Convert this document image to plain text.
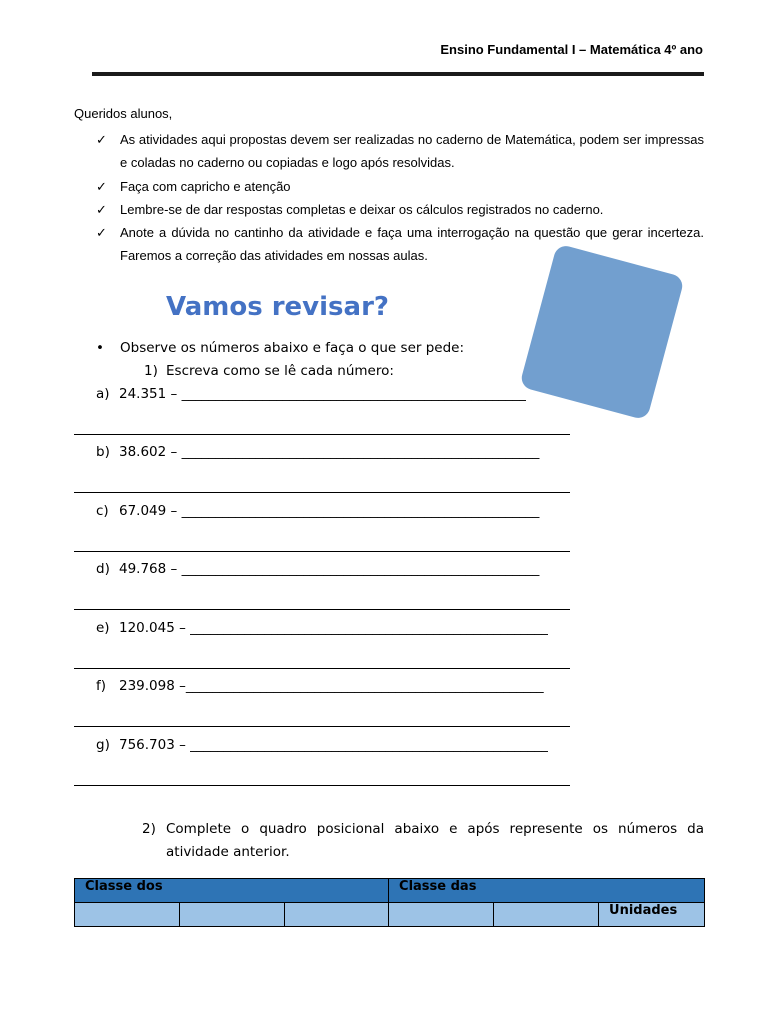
Ensino Fundamental I – Matemática 4º ano
Queridos alunos,
✓	As atividades aqui propostas devem ser realizadas no caderno de Matemática, podem ser impressas e coladas no caderno ou copiadas e logo após resolvidas.
✓	Faça com capricho e atenção
✓	Lembre-se de dar respostas completas e deixar os cálculos registrados no caderno.
✓	Anote a dúvida no cantinho da atividade e faça uma interrogação na questão que gerar incerteza. Faremos a correção das atividades em nossas aulas.
Vamos revisar?
• Observe os números abaixo e faça o que ser pede:
1) Escreva como se lê cada número:
a) 24.351 – ___________________________________________________
b) 38.602 – _____________________________________________________
c) 67.049 – _____________________________________________________
d) 49.768 – _____________________________________________________
e) 120.045 – _____________________________________________________
f) 239.098 –_____________________________________________________
g) 756.703 – _____________________________________________________
2) Complete o quadro posicional abaixo e após represente os números da atividade anterior.
Classe dos			Classe das		
					Unidades
